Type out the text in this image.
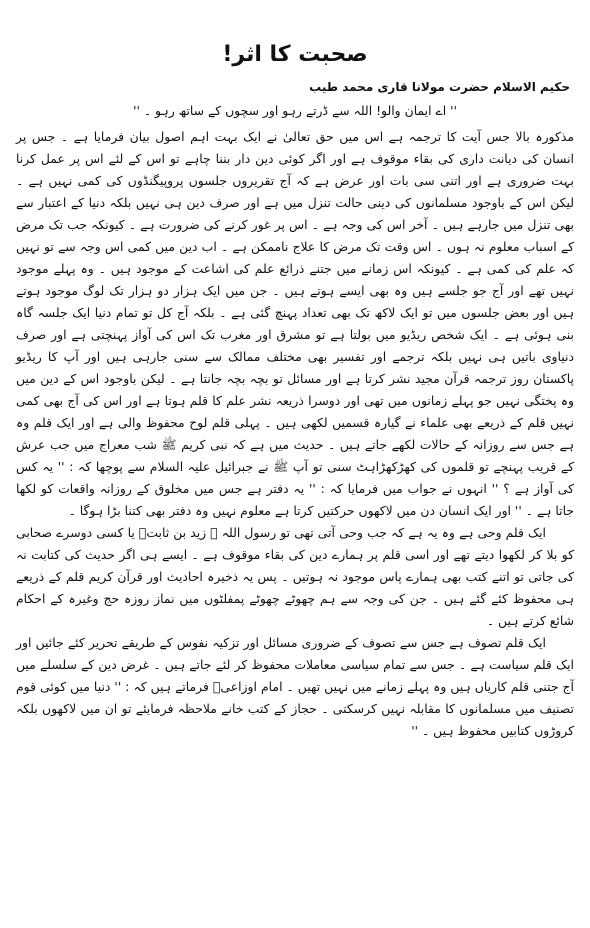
صحبت کا اثر!
حکیم الاسلام حضرت مولانا قاری محمد طیب
'' اے ایمان والو! اللہ سے ڈرتے رہو اور سچوں کے ساتھ رہو ۔ ''

مذکورہ بالا جس آیت کا ترجمہ ہے اس میں حق تعالیٰ نے ایک بہت اہم اصول بیان فرمایا ہے ۔ جس پر انسان کی دیانت داری کی بقاء موقوف ہے اور اگر کوئی دین دار بننا چاہے تو اس کے لئے اس پر عمل کرنا بہت ضروری ہے اور اتنی سی بات اور عرض ہے کہ آج تقریروں جلسوں پروپیگنڈوں کی کمی نہیں ہے ۔ لیکن اس کے باوجود مسلمانوں کی دینی حالت تنزل میں ہے اور صرف دین ہی نہیں بلکہ دنیا کے اعتبار سے بھی تنزل میں جارہے ہیں ۔ آخر اس کی وجہ ہے ۔ اس پر غور کرنے کی ضرورت ہے ۔ کیونکہ جب تک مرض کے اسباب معلوم نہ ہوں ۔ اس وقت تک مرض کا علاج ناممکن ہے ۔ اب دین میں کمی اس وجہ سے تو نہیں کہ علم کی کمی ہے ۔ کیونکہ اس زمانے میں جتنے ذرائع علم کی اشاعت کے موجود ہیں ۔ وہ پہلے موجود نہیں تھے اور آج جو جلسے ہیں وہ بھی ایسے ہوتے ہیں ۔ جن میں ایک ہزار دو ہزار تک لوگ موجود ہوتے ہیں اور بعض جلسوں میں تو ایک لاکھ تک بھی تعداد پہنچ گئی ہے ۔ بلکہ آج کل تو تمام دنیا ایک جلسہ گاہ بنی ہوئی ہے ۔ ایک شخص ریڈیو میں بولتا ہے تو مشرق اور مغرب تک اس کی آواز پہنچتی ہے اور صرف دنیاوی باتیں ہی نہیں بلکہ ترجمے اور تفسیر بھی مختلف ممالک سے سنی جارہی ہیں اور آپ کا ریڈیو پاکستان روز ترجمہ قرآن مجید نشر کرتا ہے اور مسائل تو بچہ بچہ جانتا ہے ۔ لیکن باوجود اس کے دین میں وہ پختگی نہیں جو پہلے زمانوں میں تھی اور دوسرا ذریعہ نشر علم کا قلم ہوتا ہے اور اس کی آج بھی کمی نہیں قلم کے ذریعے بھی علماء نے گیارہ قسمیں لکھی ہیں ۔ پہلی قلم لوح محفوظ والی ہے اور ایک قلم وہ ہے جس سے روزانہ کے حالات لکھے جاتے ہیں ۔ حدیث میں ہے کہ نبی کریم ﷺ شب معراج میں جب عرش کے قریب پہنچے تو قلموں کی کھڑکھڑاہٹ سنی تو آپ ﷺ نے جبرائیل علیہ السلام سے پوچھا کہ : '' یہ کس کی آواز ہے ؟ '' انہوں نے جواب میں فرمایا کہ : '' یہ دفتر ہے جس میں مخلوق کے روزانہ واقعات کو لکھا جاتا ہے ۔ '' اور ایک انسان دن میں لاکھوں حرکتیں کرتا ہے معلوم نہیں وہ دفتر بھی کتنا بڑا ہوگا ۔

ایک قلم وحی ہے وہ یہ ہے کہ جب وحی آتی تھی تو رسول اللہ ﷺ زید بن ثابتؓ یا کسی دوسرے صحابی کو بلا کر لکھوا دیتے تھے اور اسی قلم پر ہمارے دین کی بقاء موقوف ہے ۔ ایسے ہی اگر حدیث کی کتابت نہ کی جاتی تو اتنے کتب بھی ہمارے پاس موجود نہ ہوتیں ۔ پس یہ ذخیرہ احادیث اور قرآن کریم قلم کے ذریعے ہی محفوظ کئے گئے ہیں ۔ جن کی وجہ سے ہم چھوٹے چھوٹے پمفلٹوں میں نماز روزہ حج وغیرہ کے احکام شائع کرتے ہیں ۔

ایک قلم تصوف ہے جس سے تصوف کے ضروری مسائل اور تزکیہ نفوس کے طریقے تحریر کئے جائیں اور ایک قلم سیاست ہے ۔ جس سے تمام سیاسی معاملات محفوظ کر لئے جاتے ہیں ۔ غرض دین کے سلسلے میں آج جتنی قلم کاریاں ہیں وہ پہلے زمانے میں نہیں تھیں ۔ امام اوزاعیؒ فرماتے ہیں کہ : '' دنیا میں کوئی قوم تصنیف میں مسلمانوں کا مقابلہ نہیں کرسکتی ۔ حجاز کے کتب خانے ملاحظہ فرمایئے تو ان میں لاکھوں بلکہ کروڑوں کتابیں محفوظ ہیں ۔ ''
